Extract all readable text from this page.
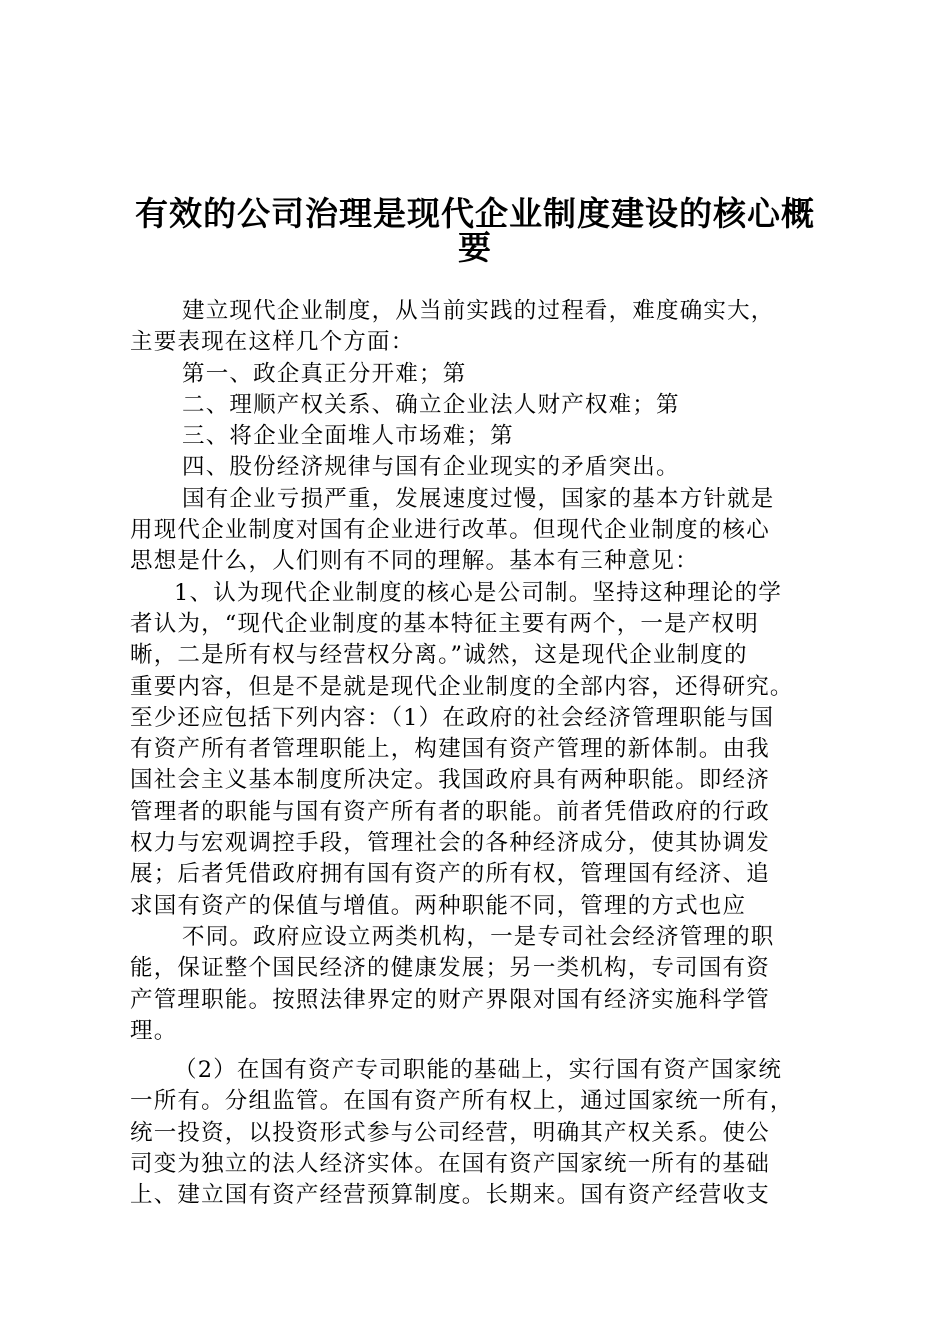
有效的公司治理是现代企业制度建设的核心概
要
建立现代企业制度，从当前实践的过程看，难度确实大，
主要表现在这样几个方面：
第一、政企真正分开难；第
二、理顺产权关系、确立企业法人财产权难；第
三、将企业全面堆人市场难；第
四、股份经济规律与国有企业现实的矛盾突出。
国有企业亏损严重，发展速度过慢，国家的基本方针就是
用现代企业制度对国有企业进行改革。但现代企业制度的核心
思想是什么，人们则有不同的理解。基本有三种意见：
1、认为现代企业制度的核心是公司制。坚持这种理论的学
者认为，“现代企业制度的基本特征主要有两个，一是产权明
晰，二是所有权与经营权分离。”诚然，这是现代企业制度的
重要内容，但是不是就是现代企业制度的全部内容，还得研究。
至少还应包括下列内容：（1）在政府的社会经济管理职能与国
有资产所有者管理职能上，构建国有资产管理的新体制。由我
国社会主义基本制度所决定。我国政府具有两种职能。即经济
管理者的职能与国有资产所有者的职能。前者凭借政府的行政
权力与宏观调控手段，管理社会的各种经济成分，使其协调发
展；后者凭借政府拥有国有资产的所有权，管理国有经济、追
求国有资产的保值与增值。两种职能不同，管理的方式也应
不同。政府应设立两类机构，一是专司社会经济管理的职
能，保证整个国民经济的健康发展；另一类机构，专司国有资
产管理职能。按照法律界定的财产界限对国有经济实施科学管
理。
（2）在国有资产专司职能的基础上，实行国有资产国家统
一所有。分组监管。在国有资产所有权上，通过国家统一所有，
统一投资，以投资形式参与公司经营，明确其产权关系。使公
司变为独立的法人经济实体。在国有资产国家统一所有的基础
上、建立国有资产经营预算制度。长期来。国有资产经营收支
